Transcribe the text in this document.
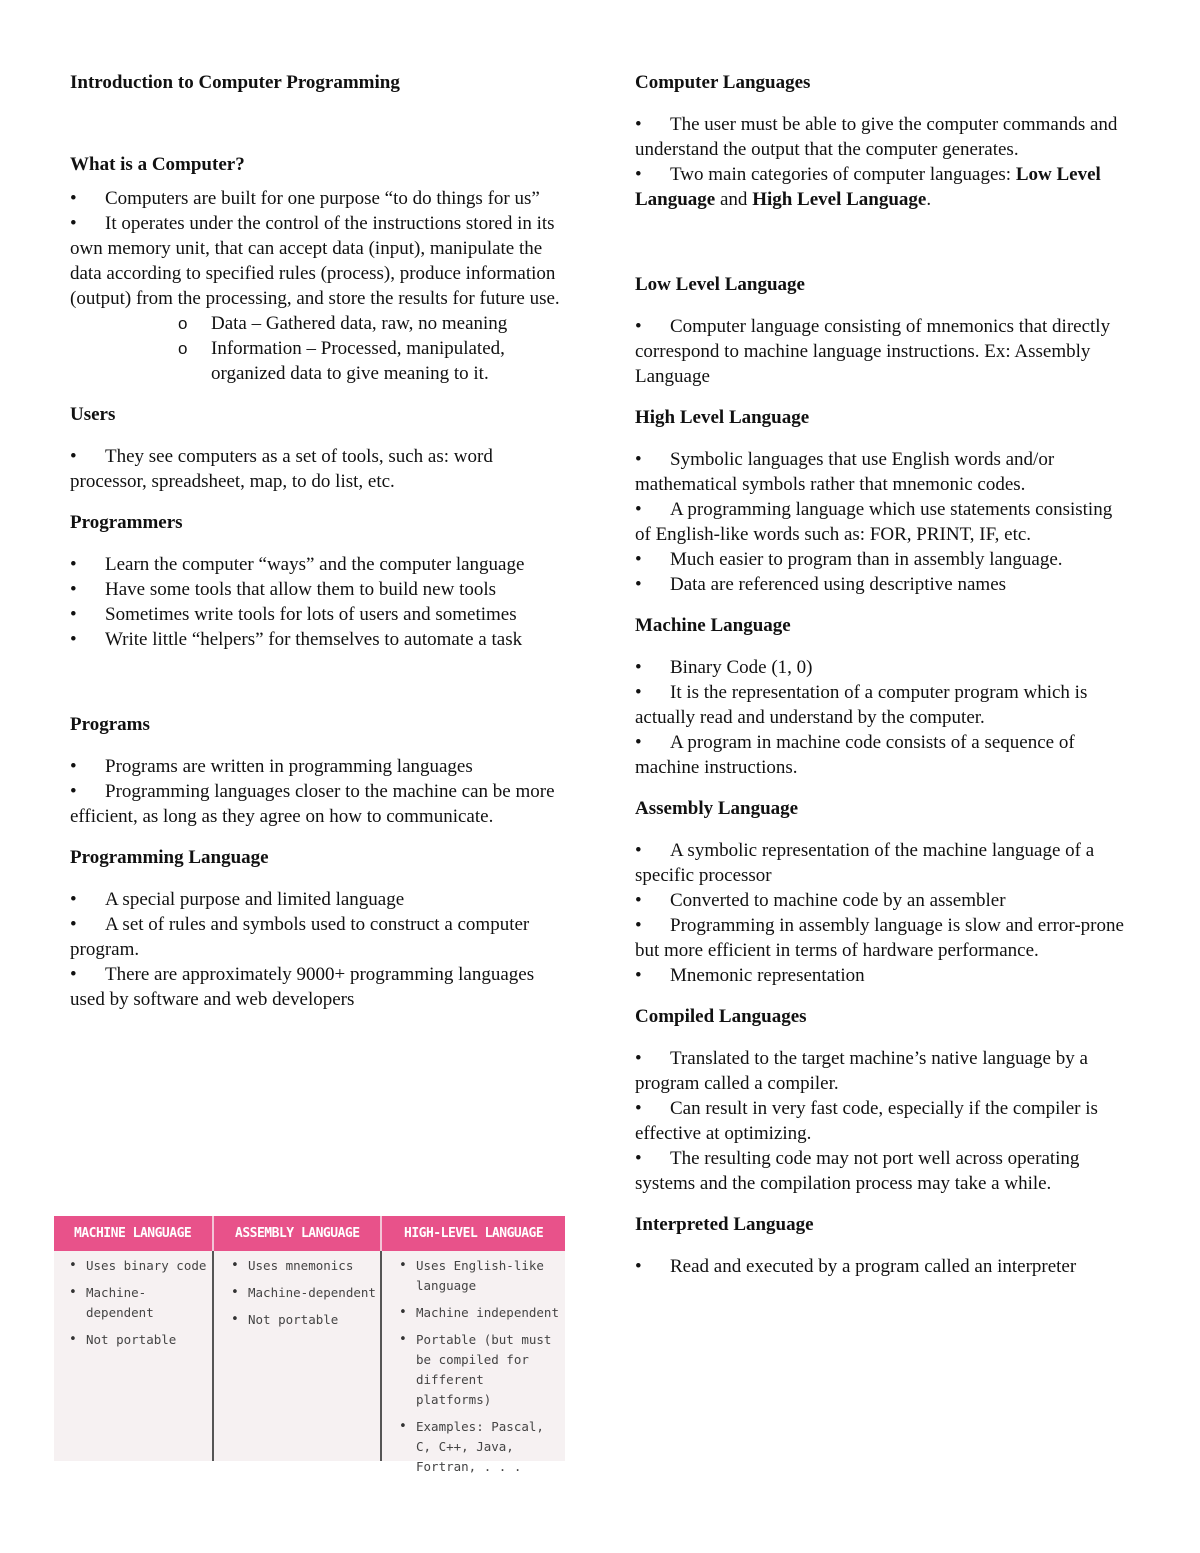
Introduction to Computer Programming
What is a Computer?

• Computers are built for one purpose “to do things for us”

• It operates under the control of the instructions stored in its own memory unit, that can accept data (input), manipulate the data according to specified rules (process), produce information (output) from the processing, and store the results for future use.

o Data – Gathered data, raw, no meaning

o Information – Processed, manipulated, organized data to give meaning to it.

Users

• They see computers as a set of tools, such as: word processor, spreadsheet, map, to do list, etc.

Programmers

• Learn the computer “ways” and the computer language

• Have some tools that allow them to build new tools

• Sometimes write tools for lots of users and sometimes

• Write little “helpers” for themselves to automate a task

Programs

• Programs are written in programming languages

• Programming languages closer to the machine can be more efficient, as long as they agree on how to communicate.

Programming Language

• A special purpose and limited language

• A set of rules and symbols used to construct a computer program.

• There are approximately 9000+ programming languages used by software and web developers

MACHINE LANGUAGE	ASSEMBLY LANGUAGE	HIGH-LEVEL LANGUAGE
• Uses binary code
• Machine-dependent
• Not portable
• Uses mnemonics
• Machine-dependent
• Not portable
• Uses English-like language
• Machine independent
• Portable (but must be compiled for different platforms)
• Examples: Pascal, C, C++, Java, Fortran, . . .
Computer Languages

• The user must be able to give the computer commands and understand the output that the computer generates.

• Two main categories of computer languages: Low Level Language and High Level Language.

Low Level Language

• Computer language consisting of mnemonics that directly correspond to machine language instructions. Ex: Assembly Language

High Level Language

• Symbolic languages that use English words and/or mathematical symbols rather that mnemonic codes.

• A programming language which use statements consisting of English-like words such as: FOR, PRINT, IF, etc.

• Much easier to program than in assembly language.

• Data are referenced using descriptive names

Machine Language

• Binary Code (1, 0)

• It is the representation of a computer program which is actually read and understand by the computer.

• A program in machine code consists of a sequence of machine instructions.

Assembly Language

• A symbolic representation of the machine language of a specific processor

• Converted to machine code by an assembler

• Programming in assembly language is slow and error-prone but more efficient in terms of hardware performance.

• Mnemonic representation

Compiled Languages

• Translated to the target machine’s native language by a program called a compiler.

• Can result in very fast code, especially if the compiler is effective at optimizing.

• The resulting code may not port well across operating systems and the compilation process may take a while.

Interpreted Language

• Read and executed by a program called an interpreter
